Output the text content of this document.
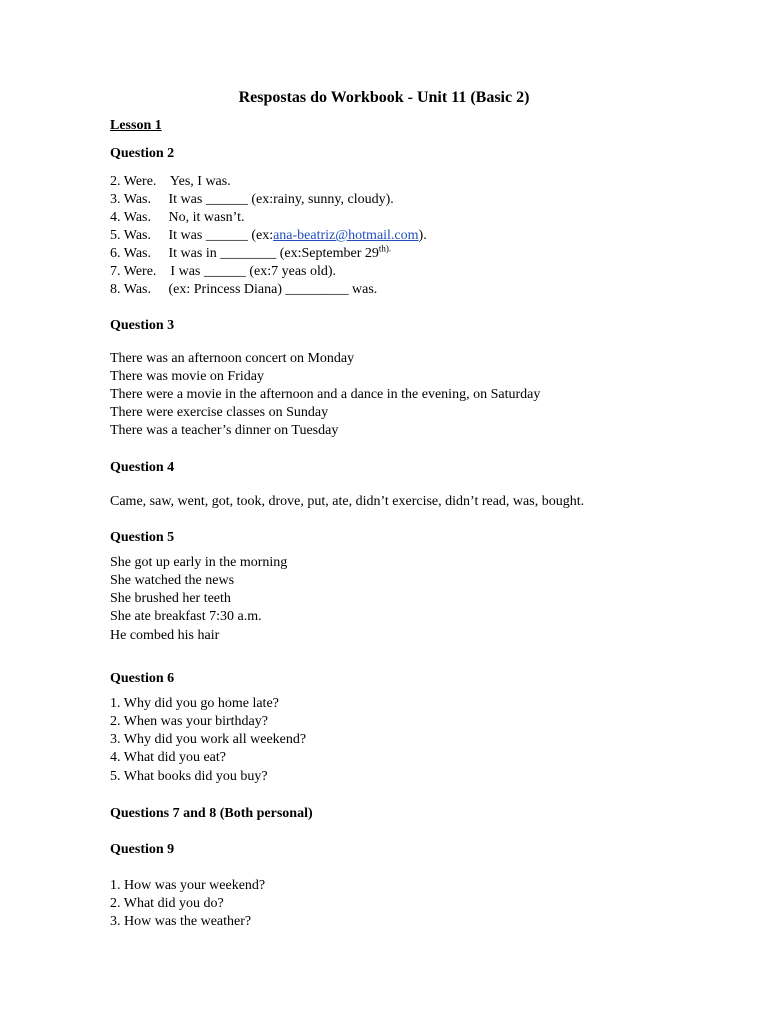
Respostas do Workbook - Unit 11 (Basic 2)
Lesson 1
Question 2
2. Were.    Yes, I was.
3. Was.     It was ______ (ex:rainy, sunny, cloudy).
4. Was.     No, it wasn’t.
5. Was.     It was ______ (ex:ana-beatriz@hotmail.com).
6. Was.     It was in ________ (ex:September $29^{th).}$
7. Were.    I was ______ (ex:7 yeas old).
8. Was.     (ex: Princess Diana) _________ was.
Question 3
There was an afternoon concert on Monday
There was movie on Friday
There were a movie in the afternoon and a dance in the evening, on Saturday
There were exercise classes on Sunday
There was a teacher’s dinner on Tuesday
Question 4
Came, saw, went, got, took, drove, put, ate, didn’t exercise, didn’t read, was, bought.
Question 5
She got up early in the morning
She watched the news
She brushed her teeth
She ate breakfast 7:30 a.m.
He combed his hair
Question 6
1. Why did you go home late?
2. When was your birthday?
3. Why did you work all weekend?
4. What did you eat?
5. What books did you buy?
Questions 7 and 8 (Both personal)
Question 9
1. How was your weekend?
2. What did you do?
3. How was the weather?
